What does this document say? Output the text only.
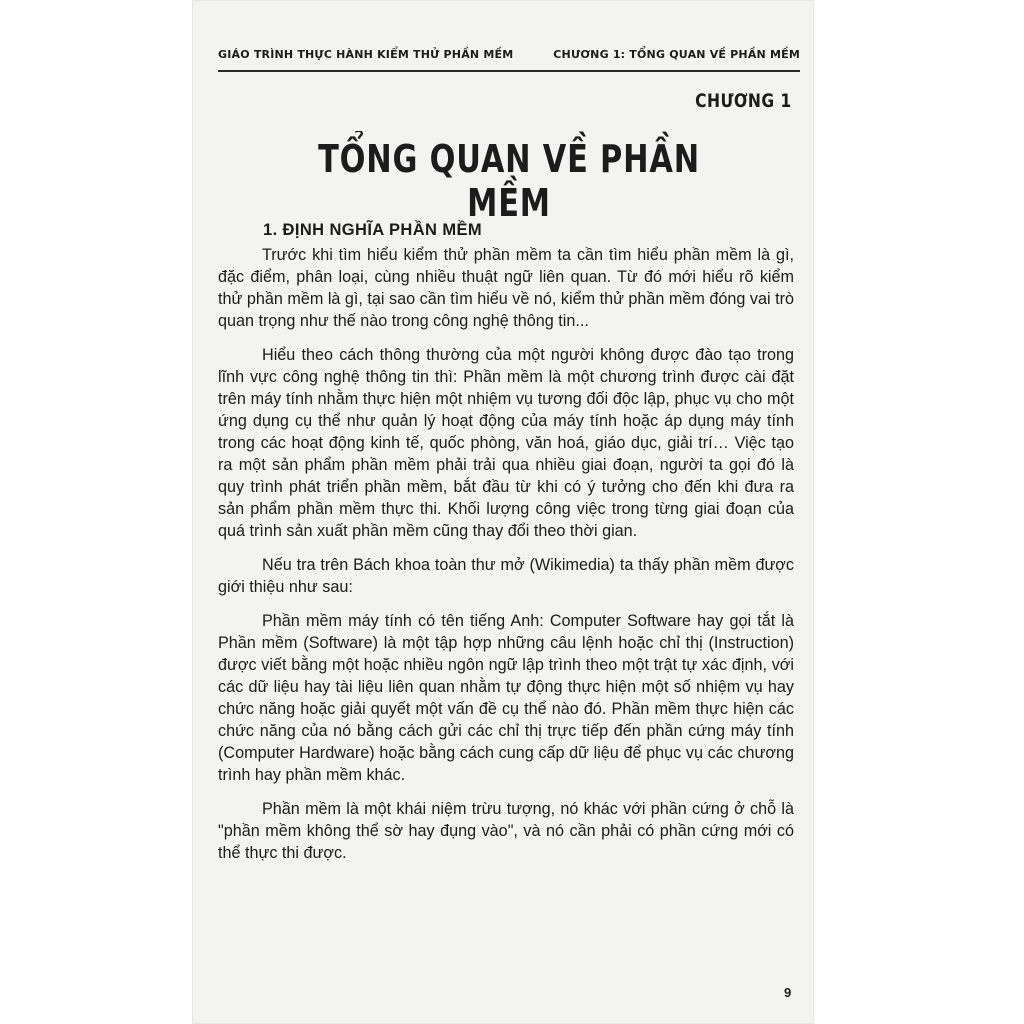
GIÁO TRÌNH THỰC HÀNH KIỂM THỬ PHẦN MỀM	CHƯƠNG 1: TỔNG QUAN VỀ PHẦN MỀM
CHƯƠNG 1
TỔNG QUAN VỀ PHẦN MỀM
1. ĐỊNH NGHĨA PHẦN MỀM

Trước khi tìm hiểu kiểm thử phần mềm ta cần tìm hiểu phần mềm là gì, đặc điểm, phân loại, cùng nhiều thuật ngữ liên quan. Từ đó mới hiểu rõ kiểm thử phần mềm là gì, tại sao cần tìm hiểu về nó, kiểm thử phần mềm đóng vai trò quan trọng như thế nào trong công nghệ thông tin...

Hiểu theo cách thông thường của một người không được đào tạo trong lĩnh vực công nghệ thông tin thì: Phần mềm là một chương trình được cài đặt trên máy tính nhằm thực hiện một nhiệm vụ tương đối độc lập, phục vụ cho một ứng dụng cụ thể như quản lý hoạt động của máy tính hoặc áp dụng máy tính trong các hoạt động kinh tế, quốc phòng, văn hoá, giáo dục, giải trí… Việc tạo ra một sản phẩm phần mềm phải trải qua nhiều giai đoạn, người ta gọi đó là quy trình phát triển phần mềm, bắt đầu từ khi có ý tưởng cho đến khi đưa ra sản phẩm phần mềm thực thi. Khối lượng công việc trong từng giai đoạn của quá trình sản xuất phần mềm cũng thay đổi theo thời gian.

Nếu tra trên Bách khoa toàn thư mở (Wikimedia) ta thấy phần mềm được giới thiệu như sau:

Phần mềm máy tính có tên tiếng Anh: Computer Software hay gọi tắt là Phần mềm (Software) là một tập hợp những câu lệnh hoặc chỉ thị (Instruction) được viết bằng một hoặc nhiều ngôn ngữ lập trình theo một trật tự xác định, với các dữ liệu hay tài liệu liên quan nhằm tự động thực hiện một số nhiệm vụ hay chức năng hoặc giải quyết một vấn đề cụ thể nào đó. Phần mềm thực hiện các chức năng của nó bằng cách gửi các chỉ thị trực tiếp đến phần cứng máy tính (Computer Hardware) hoặc bằng cách cung cấp dữ liệu để phục vụ các chương trình hay phần mềm khác.

Phần mềm là một khái niệm trừu tượng, nó khác với phần cứng ở chỗ là "phần mềm không thể sờ hay đụng vào", và nó cần phải có phần cứng mới có thể thực thi được.

9
